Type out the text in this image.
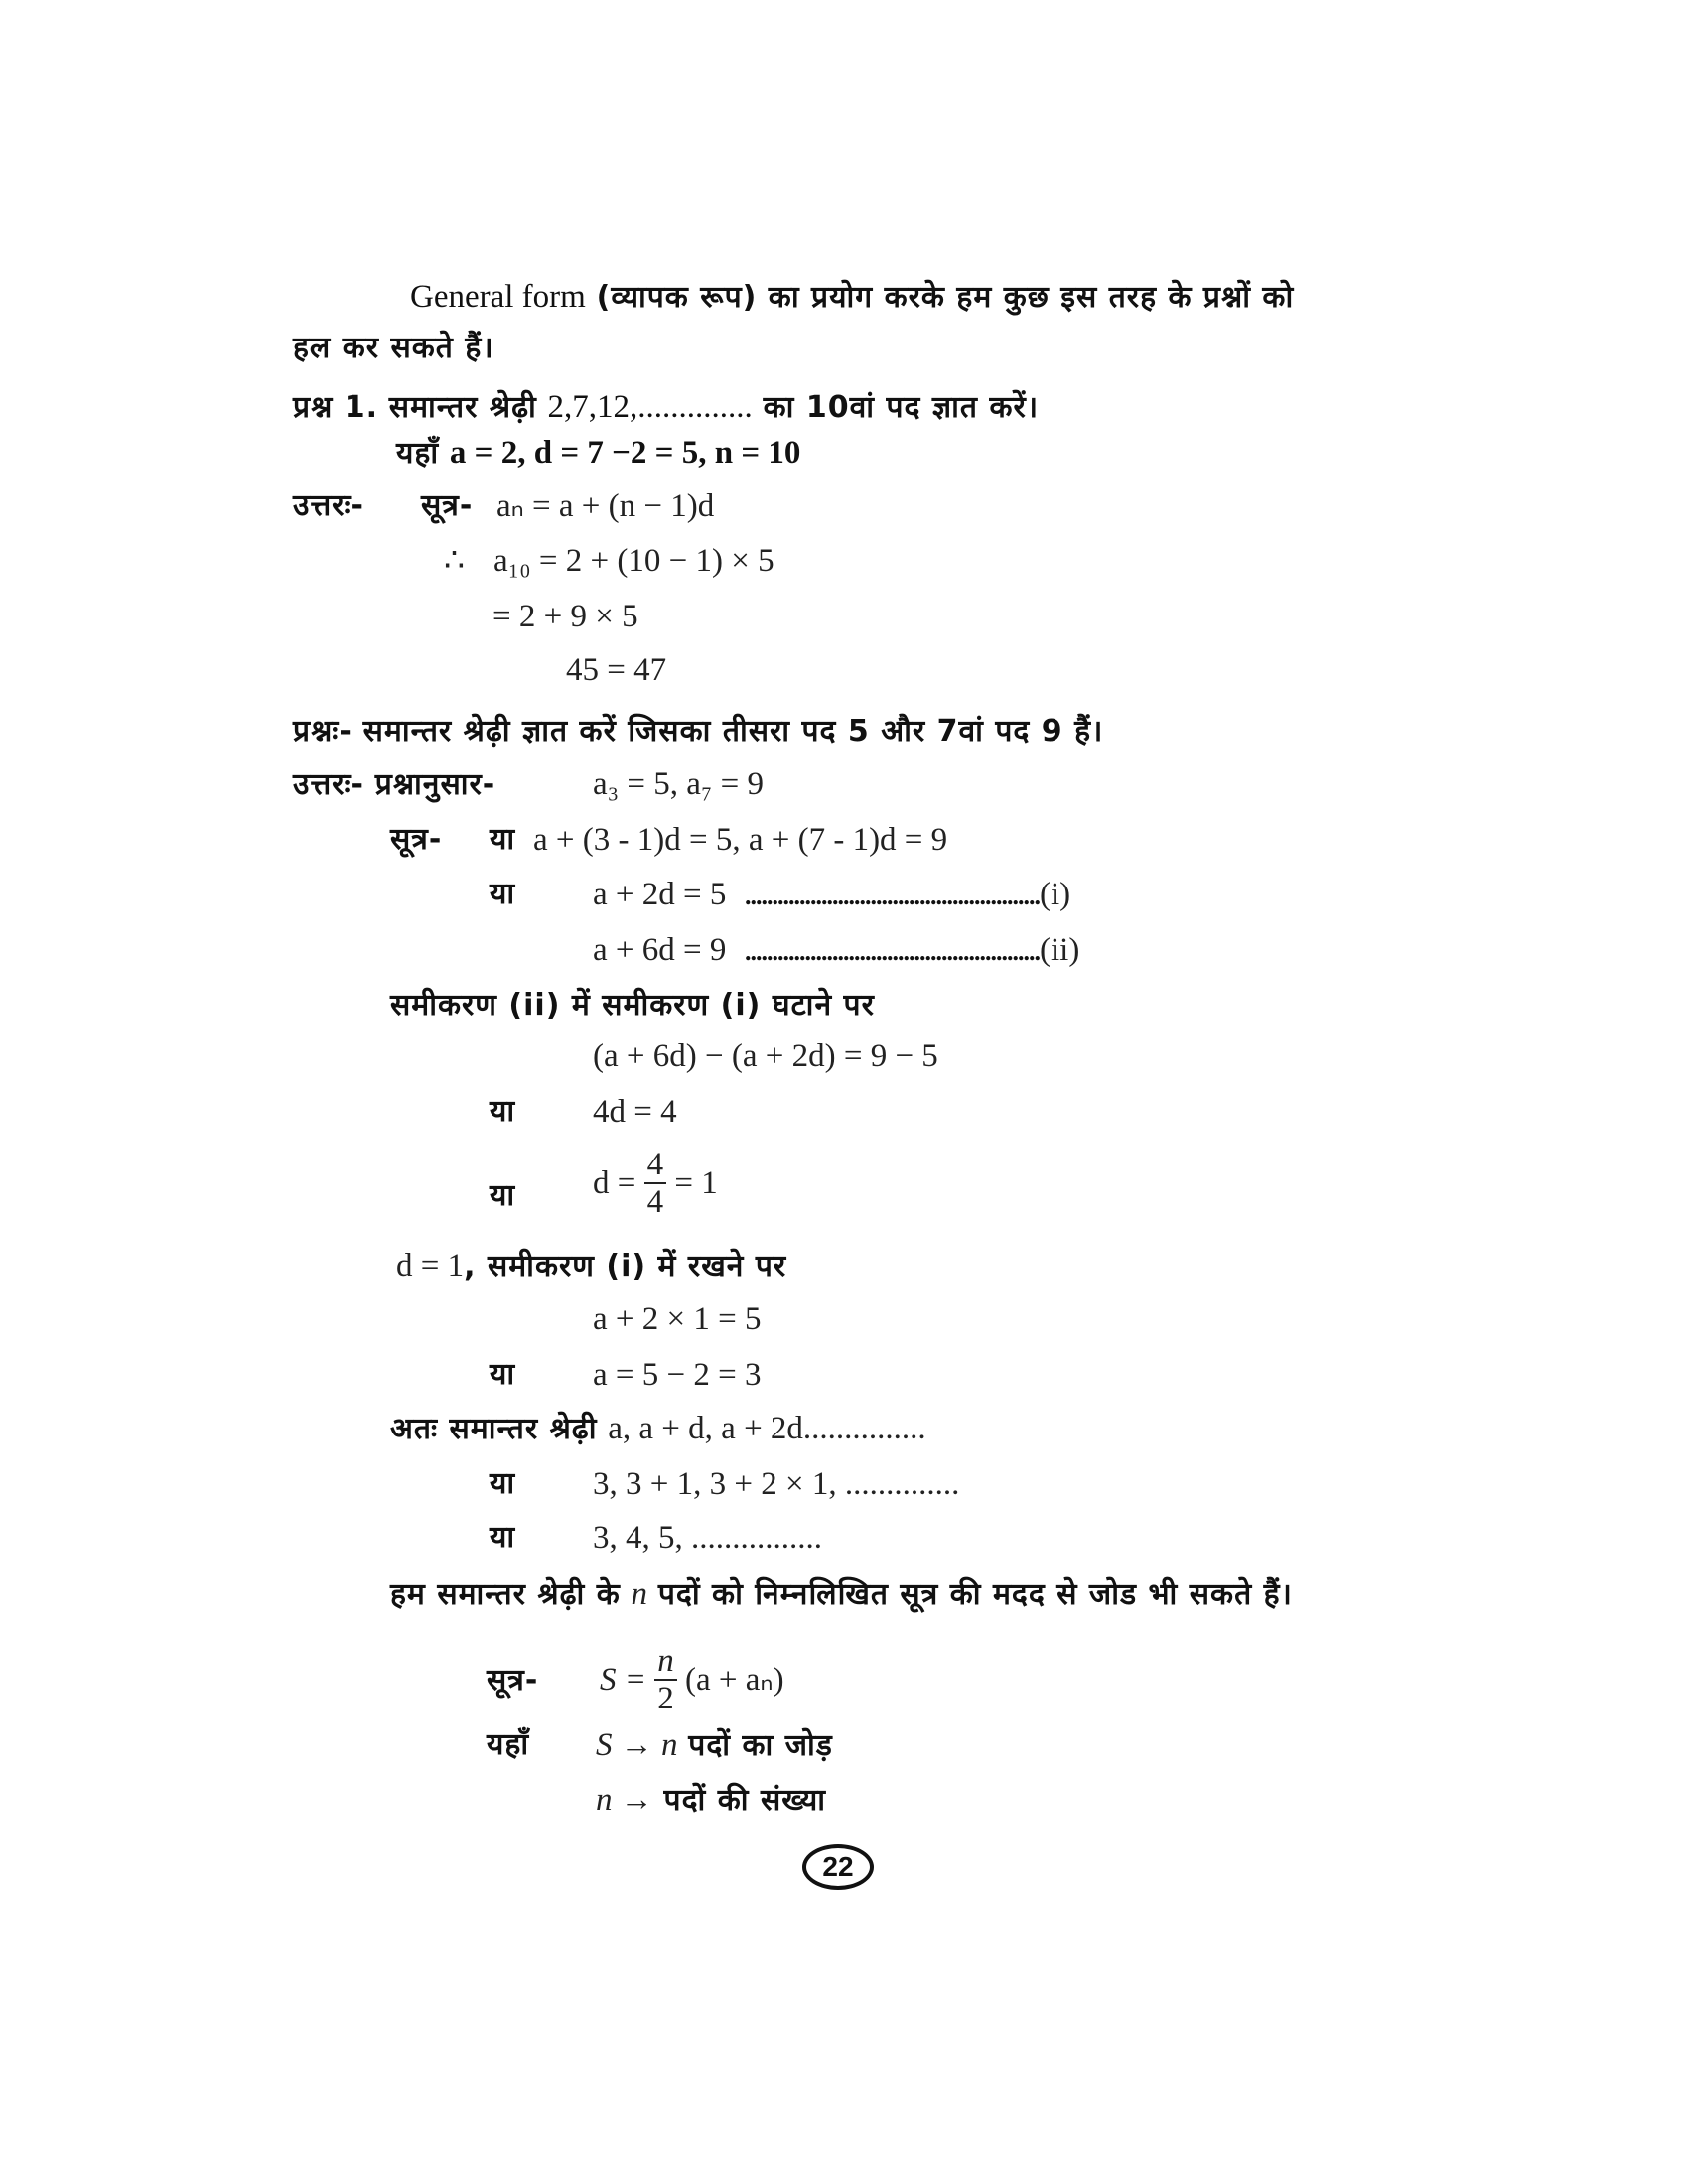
General form (व्यापक रूप) का प्रयोग करके हम कुछ इस तरह के प्रश्नों को
हल कर सकते हैं।
प्रश्न 1. समान्तर श्रेढ़ी 2,7,12,.............. का 10वां पद ज्ञात करें।
यहाँ a = 2, d = 7 −2 = 5, n = 10
उत्तरः- सूत्र- aₙ = a + (n − 1)d
∴ a₁₀ = 2 + (10 − 1) × 5
= 2 + 9 × 5
45 = 47
प्रश्नः- समान्तर श्रेढ़ी ज्ञात करें जिसका तीसरा पद 5 और 7वां पद 9 हैं।
उत्तरः- प्रश्नानुसार-	a₃ = 5, a₇ = 9
सूत्र- या a + (3 - 1)d = 5, a + (7 - 1)d = 9
या a + 2d = 5 ......................................................(i)
a + 6d = 9 ......................................................(ii)
समीकरण (ii) में समीकरण (i) घटाने पर
(a + 6d) − (a + 2d) = 9 − 5
या 4d = 4
या $d = \frac{4}{4} = 1$
d = 1, समीकरण (i) में रखने पर
a + 2 × 1 = 5
या a = 5 − 2 = 3
अतः समान्तर श्रेढ़ी a, a + d, a + 2d...............
या 3, 3 + 1, 3 + 2 × 1, ..............
या 3, 4, 5, ................
हम समान्तर श्रेढ़ी के n पदों को निम्नलिखित सूत्र की मदद से जोड भी सकते हैं।
सूत्र- $S = \frac{n}{2} (a + a_n)$
यहाँ S → n पदों का जोड़
n → पदों की संख्या
22
